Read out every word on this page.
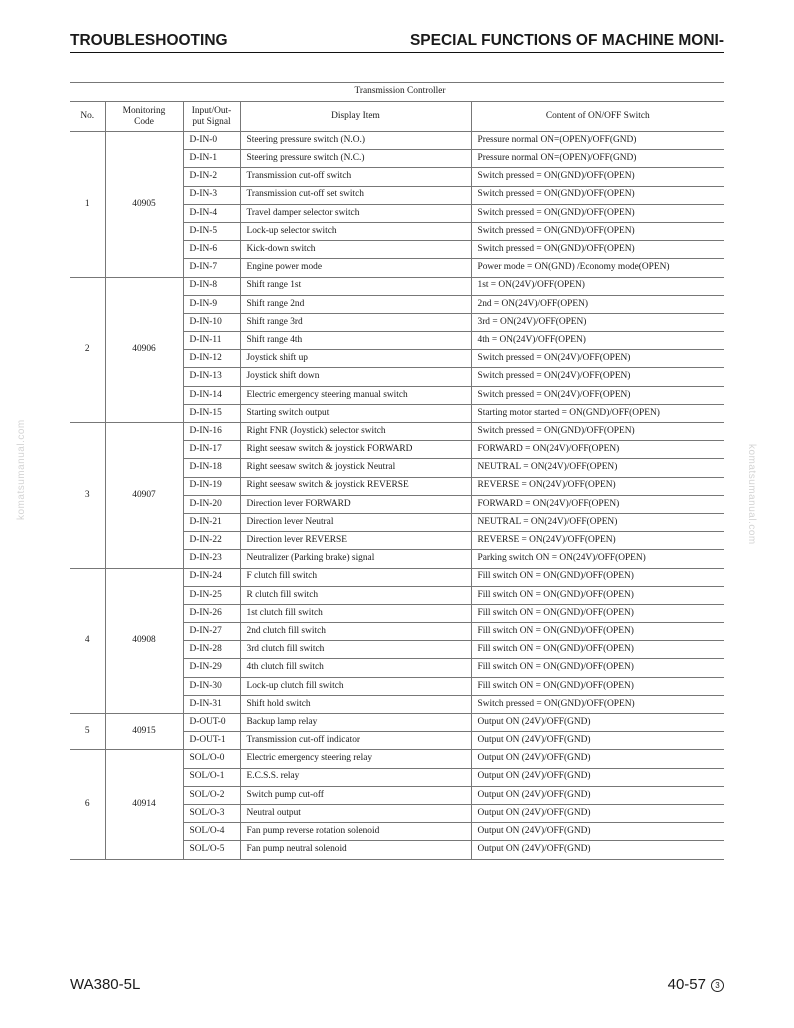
TROUBLESHOOTING	SPECIAL FUNCTIONS OF MACHINE MONI-
komatsumanual.com	komatsumanual.com
Transmission Controller				
No.	Monitoring Code	Input/Out-put Signal	Display Item	Content of ON/OFF Switch
1	40905	D-IN-0	Steering pressure switch (N.O.)	Pressure normal ON=(OPEN)/OFF(GND)
		D-IN-1	Steering pressure switch (N.C.)	Pressure normal ON=(OPEN)/OFF(GND)
		D-IN-2	Transmission cut-off switch	Switch pressed = ON(GND)/OFF(OPEN)
		D-IN-3	Transmission cut-off set switch	Switch pressed = ON(GND)/OFF(OPEN)
		D-IN-4	Travel damper selector switch	Switch pressed = ON(GND)/OFF(OPEN)
		D-IN-5	Lock-up selector switch	Switch pressed = ON(GND)/OFF(OPEN)
		D-IN-6	Kick-down switch	Switch pressed = ON(GND)/OFF(OPEN)
		D-IN-7	Engine power mode	Power mode = ON(GND) /Economy mode(OPEN)
2	40906	D-IN-8	Shift range 1st	1st = ON(24V)/OFF(OPEN)
		D-IN-9	Shift range 2nd	2nd = ON(24V)/OFF(OPEN)
		D-IN-10	Shift range 3rd	3rd = ON(24V)/OFF(OPEN)
		D-IN-11	Shift range 4th	4th = ON(24V)/OFF(OPEN)
		D-IN-12	Joystick shift up	Switch pressed = ON(24V)/OFF(OPEN)
		D-IN-13	Joystick shift down	Switch pressed = ON(24V)/OFF(OPEN)
		D-IN-14	Electric emergency steering manual switch	Switch pressed = ON(24V)/OFF(OPEN)
		D-IN-15	Starting switch output	Starting motor started = ON(GND)/OFF(OPEN)
3	40907	D-IN-16	Right FNR (Joystick) selector switch	Switch pressed = ON(GND)/OFF(OPEN)
		D-IN-17	Right seesaw switch & joystick FORWARD	FORWARD = ON(24V)/OFF(OPEN)
		D-IN-18	Right seesaw switch & joystick Neutral	NEUTRAL = ON(24V)/OFF(OPEN)
		D-IN-19	Right seesaw switch & joystick REVERSE	REVERSE = ON(24V)/OFF(OPEN)
		D-IN-20	Direction lever FORWARD	FORWARD = ON(24V)/OFF(OPEN)
		D-IN-21	Direction lever Neutral	NEUTRAL = ON(24V)/OFF(OPEN)
		D-IN-22	Direction lever REVERSE	REVERSE = ON(24V)/OFF(OPEN)
		D-IN-23	Neutralizer (Parking brake) signal	Parking switch ON = ON(24V)/OFF(OPEN)
4	40908	D-IN-24	F clutch fill switch	Fill switch ON = ON(GND)/OFF(OPEN)
		D-IN-25	R clutch fill switch	Fill switch ON = ON(GND)/OFF(OPEN)
		D-IN-26	1st clutch fill switch	Fill switch ON = ON(GND)/OFF(OPEN)
		D-IN-27	2nd clutch fill switch	Fill switch ON = ON(GND)/OFF(OPEN)
		D-IN-28	3rd clutch fill switch	Fill switch ON = ON(GND)/OFF(OPEN)
		D-IN-29	4th clutch fill switch	Fill switch ON = ON(GND)/OFF(OPEN)
		D-IN-30	Lock-up clutch fill switch	Fill switch ON = ON(GND)/OFF(OPEN)
		D-IN-31	Shift hold switch	Switch pressed = ON(GND)/OFF(OPEN)
5	40915	D-OUT-0	Backup lamp relay	Output ON (24V)/OFF(GND)
		D-OUT-1	Transmission cut-off indicator	Output ON (24V)/OFF(GND)
6	40914	SOL/O-0	Electric emergency steering relay	Output ON (24V)/OFF(GND)
		SOL/O-1	E.C.S.S. relay	Output ON (24V)/OFF(GND)
		SOL/O-2	Switch pump cut-off	Output ON (24V)/OFF(GND)
		SOL/O-3	Neutral output	Output ON (24V)/OFF(GND)
		SOL/O-4	Fan pump reverse rotation solenoid	Output ON (24V)/OFF(GND)
		SOL/O-5	Fan pump neutral solenoid	Output ON (24V)/OFF(GND)
WA380-5L	40-57 3
